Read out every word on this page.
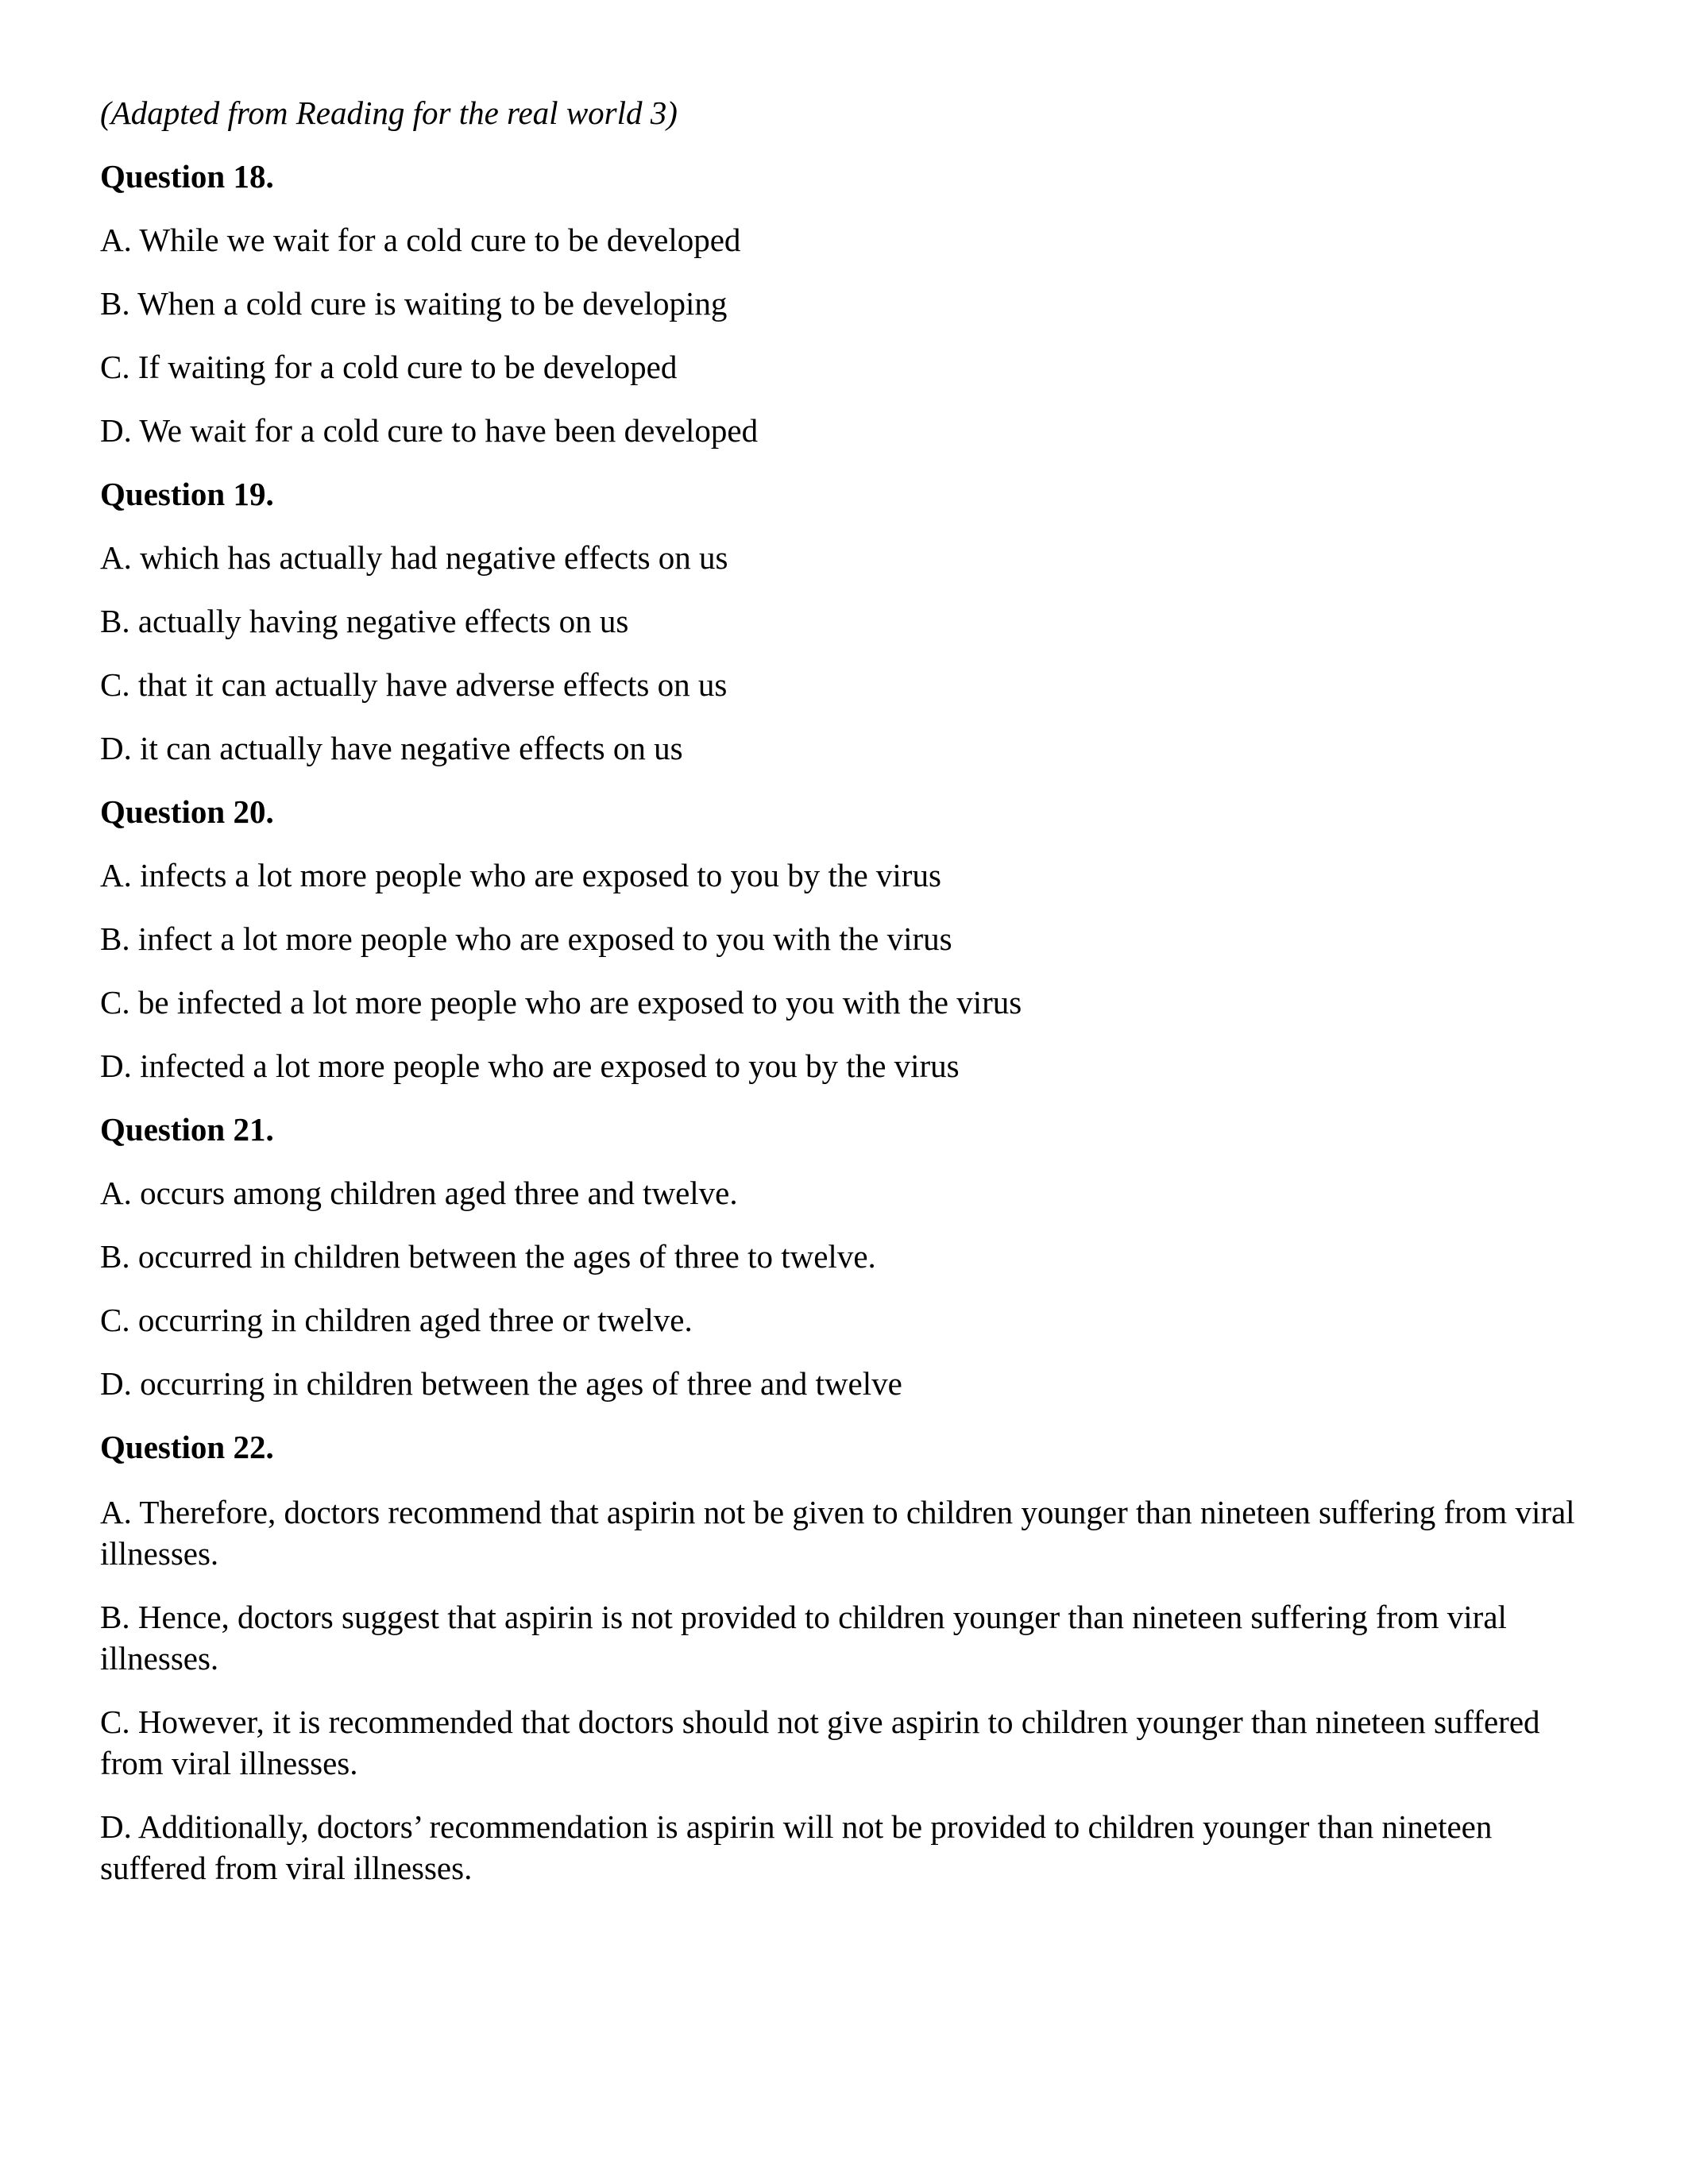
(Adapted from Reading for the real world 3)

Question 18.

A. While we wait for a cold cure to be developed

B. When a cold cure is waiting to be developing

C. If waiting for a cold cure to be developed

D. We wait for a cold cure to have been developed

Question 19.

A. which has actually had negative effects on us

B. actually having negative effects on us

C. that it can actually have adverse effects on us

D. it can actually have negative effects on us

Question 20.

A. infects a lot more people who are exposed to you by the virus

B. infect a lot more people who are exposed to you with the virus

C. be infected a lot more people who are exposed to you with the virus

D. infected a lot more people who are exposed to you by the virus

Question 21.

A. occurs among children aged three and twelve.

B. occurred in children between the ages of three to twelve.

C. occurring in children aged three or twelve.

D. occurring in children between the ages of three and twelve

Question 22.

A. Therefore, doctors recommend that aspirin not be given to children younger than nineteen suffering from viral illnesses.

B. Hence, doctors suggest that aspirin is not provided to children younger than nineteen suffering from viral illnesses.

C. However, it is recommended that doctors should not give aspirin to children younger than nineteen suffered from viral illnesses.

D. Additionally, doctors’ recommendation is aspirin will not be provided to children younger than nineteen suffered from viral illnesses.
